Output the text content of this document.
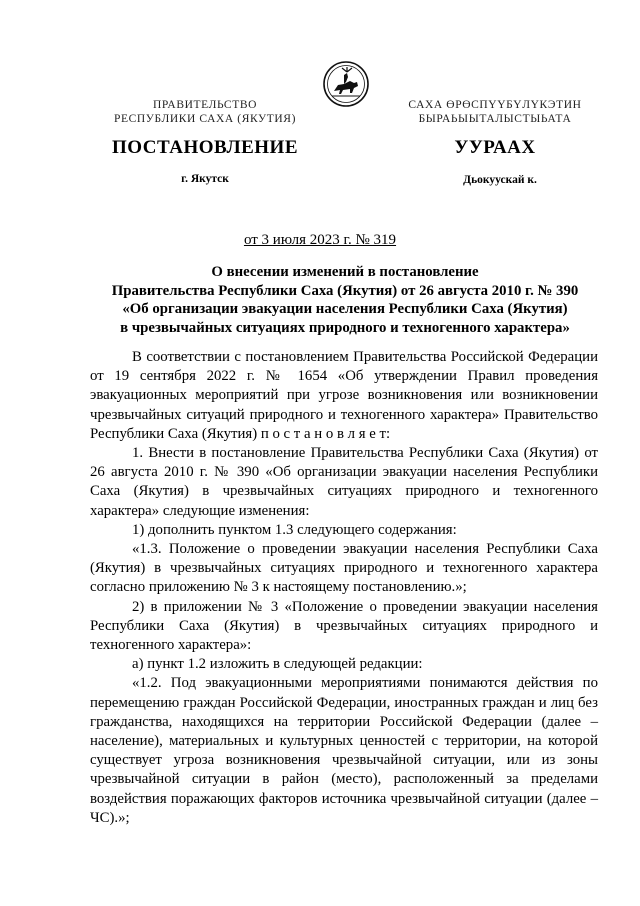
ПРАВИТЕЛЬСТВО
РЕСПУБЛИКИ САХА (ЯКУТИЯ)
САХА ӨРӨСПYYБYЛYКЭТИН
БЫРАЬЫЫТАЛЫСТЫЬАТА
ПОСТАНОВЛЕНИЕ	УУРААХ
г. Якутск	Дьокуускай к.
от 3 июля 2023 г. № 319
О внесении изменений в постановление
Правительства Республики Саха (Якутия) от 26 августа 2010 г. № 390
«Об организации эвакуации населения Республики Саха (Якутия)
в чрезвычайных ситуациях природного и техногенного характера»

В соответствии с постановлением Правительства Российской Федерации от 19 сентября 2022 г. № 1654 «Об утверждении Правил проведения эвакуационных мероприятий при угрозе возникновения или возникновении чрезвычайных ситуаций природного и техногенного характера» Правительство Республики Саха (Якутия) п о с т а н о в л я е т:

1. Внести в постановление Правительства Республики Саха (Якутия) от 26 августа 2010 г. № 390 «Об организации эвакуации населения Республики Саха (Якутия) в чрезвычайных ситуациях природного и техногенного характера» следующие изменения:

1) дополнить пунктом 1.3 следующего содержания:

«1.3. Положение о проведении эвакуации населения Республики Саха (Якутия) в чрезвычайных ситуациях природного и техногенного характера согласно приложению № 3 к настоящему постановлению.»;

2) в приложении № 3 «Положение о проведении эвакуации населения Республики Саха (Якутия) в чрезвычайных ситуациях природного и техногенного характера»:

а) пункт 1.2 изложить в следующей редакции:

«1.2. Под эвакуационными мероприятиями понимаются действия по перемещению граждан Российской Федерации, иностранных граждан и лиц без гражданства, находящихся на территории Российской Федерации (далее – население), материальных и культурных ценностей с территории, на которой существует угроза возникновения чрезвычайной ситуации, или из зоны чрезвычайной ситуации в район (место), расположенный за пределами воздействия поражающих факторов источника чрезвычайной ситуации (далее – ЧС).»;
